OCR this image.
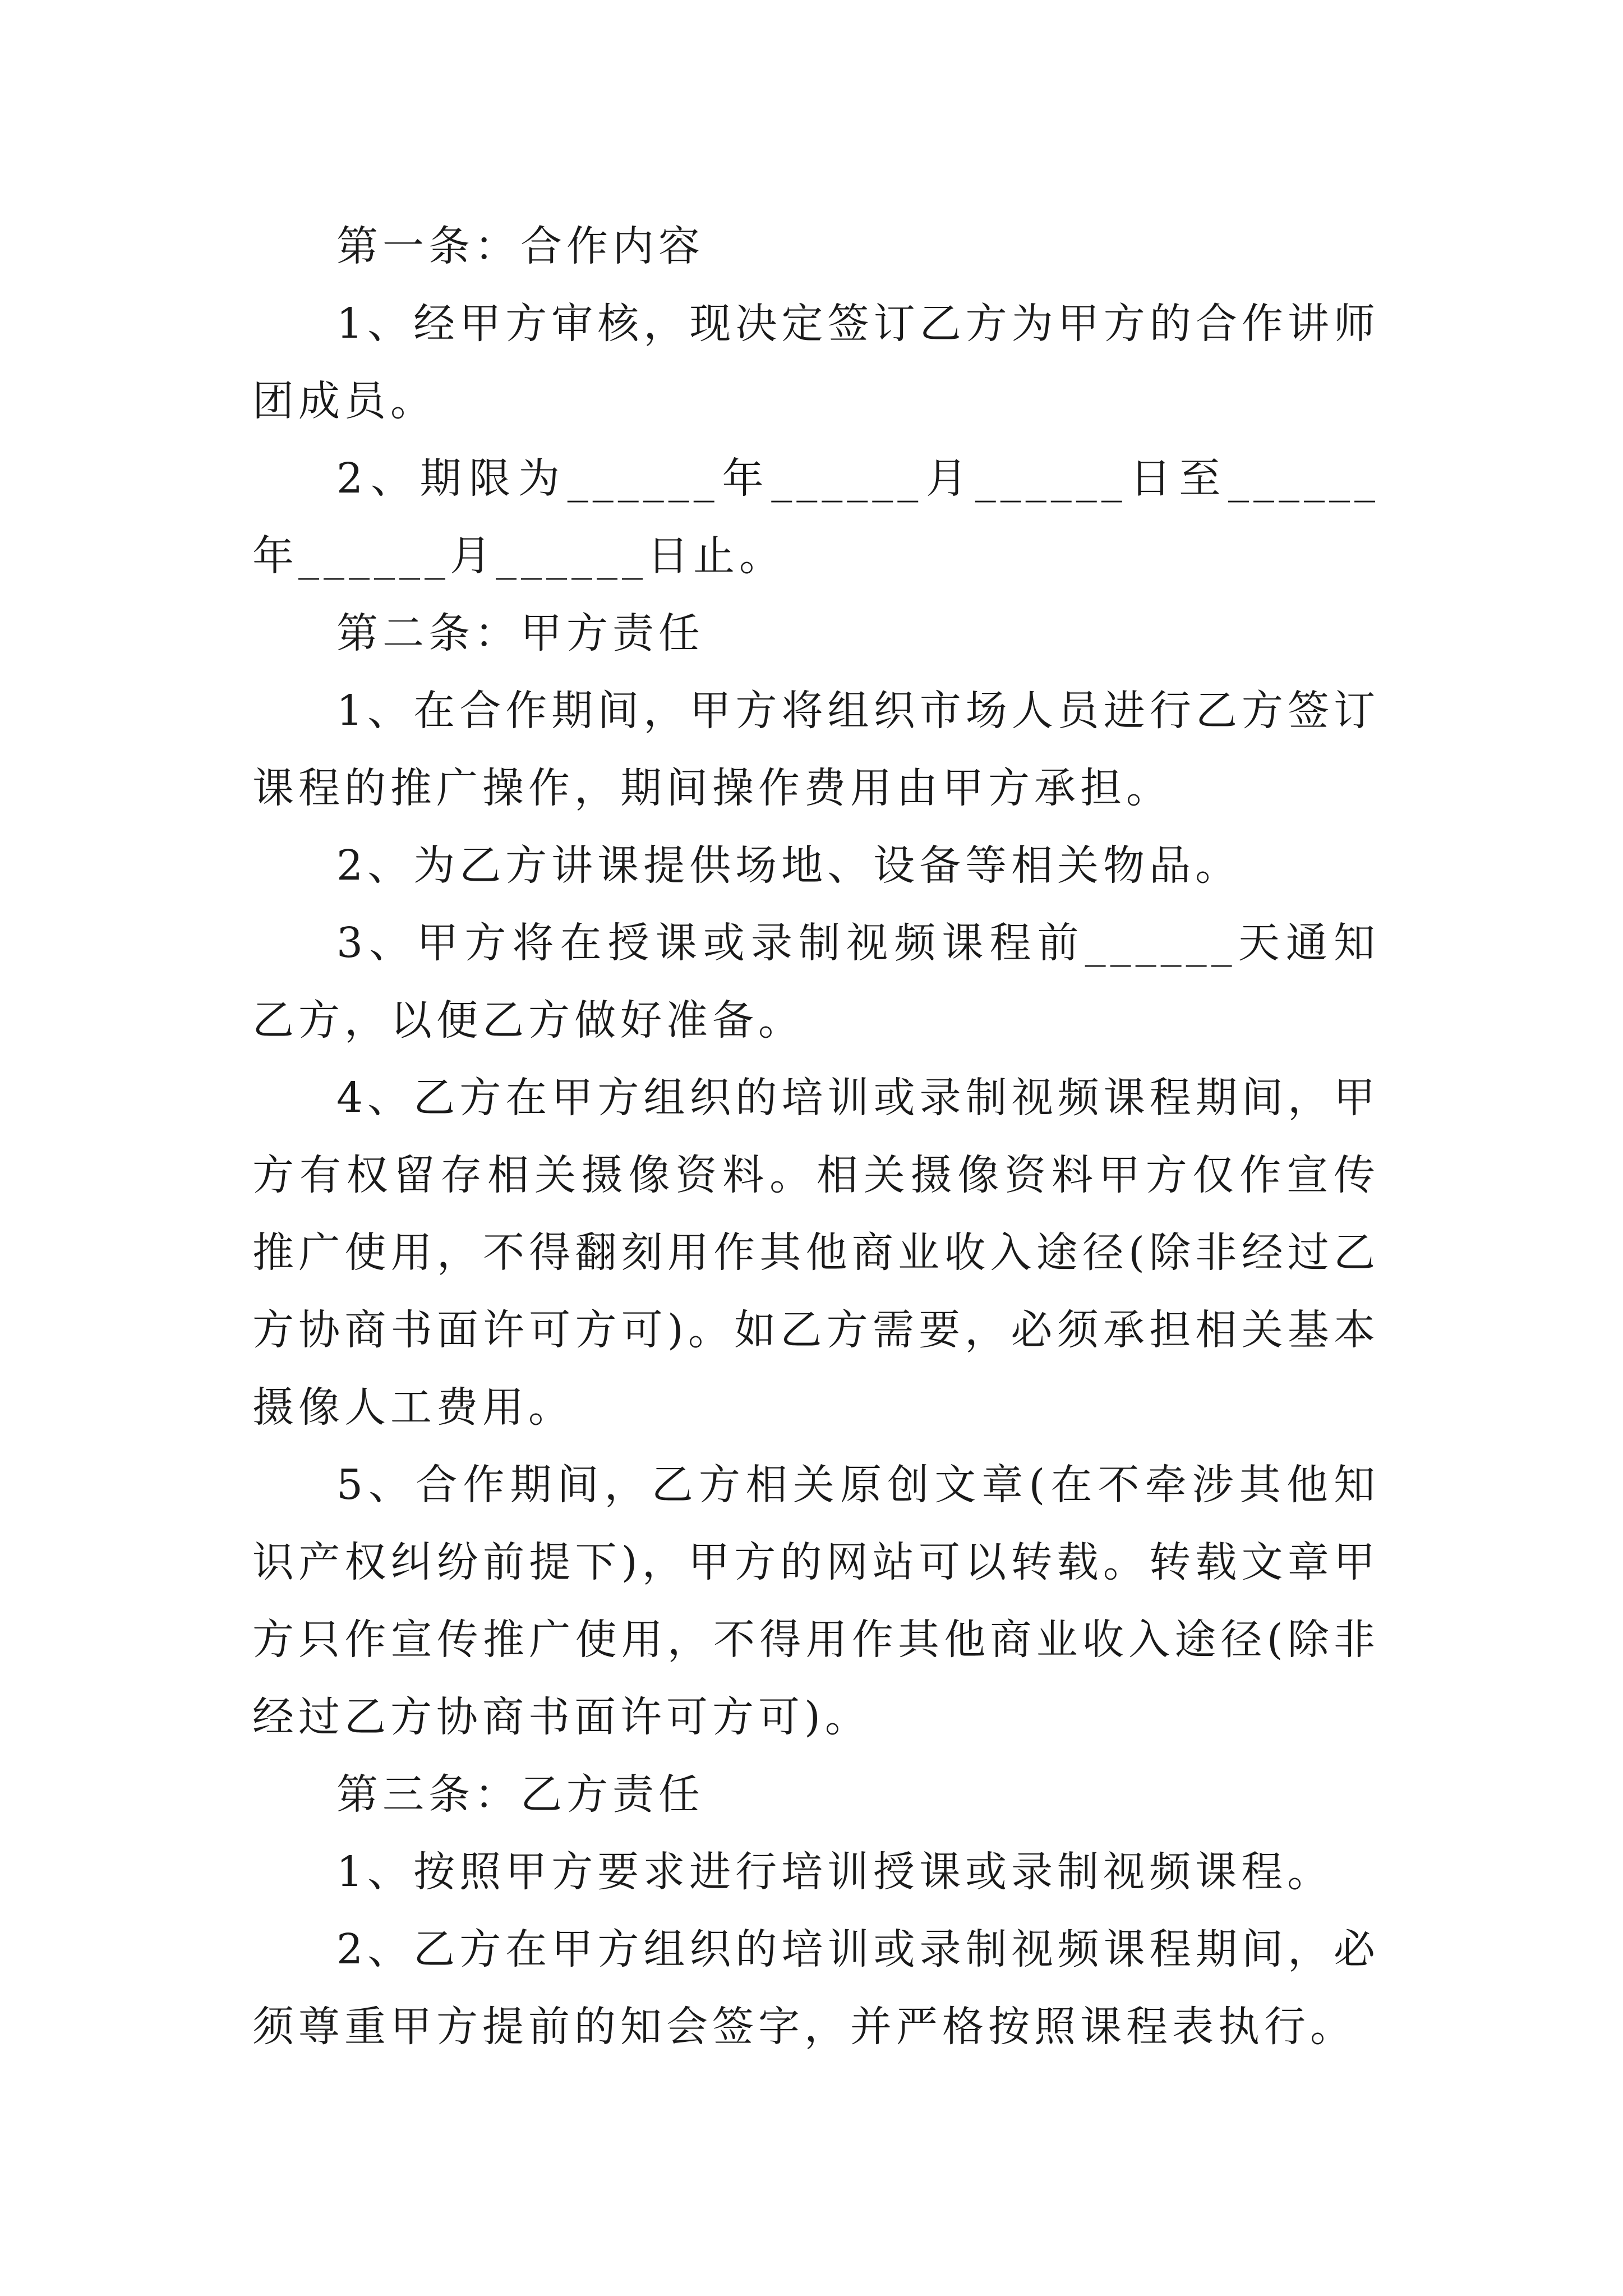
第一条：合作内容

1、经甲方审核，现决定签订乙方为甲方的合作讲师团成员。

2、期限为______年______月______日至______年______月______日止。

第二条：甲方责任

1、在合作期间，甲方将组织市场人员进行乙方签订课程的推广操作，期间操作费用由甲方承担。

2、为乙方讲课提供场地、设备等相关物品。

3、甲方将在授课或录制视频课程前______天通知乙方，以便乙方做好准备。

4、乙方在甲方组织的培训或录制视频课程期间，甲方有权留存相关摄像资料。相关摄像资料甲方仅作宣传推广使用，不得翻刻用作其他商业收入途径(除非经过乙方协商书面许可方可)。如乙方需要，必须承担相关基本摄像人工费用。

5、合作期间，乙方相关原创文章(在不牵涉其他知识产权纠纷前提下)，甲方的网站可以转载。转载文章甲方只作宣传推广使用，不得用作其他商业收入途径(除非经过乙方协商书面许可方可)。

第三条：乙方责任

1、按照甲方要求进行培训授课或录制视频课程。

2、乙方在甲方组织的培训或录制视频课程期间，必须尊重甲方提前的知会签字，并严格按照课程表执行。
